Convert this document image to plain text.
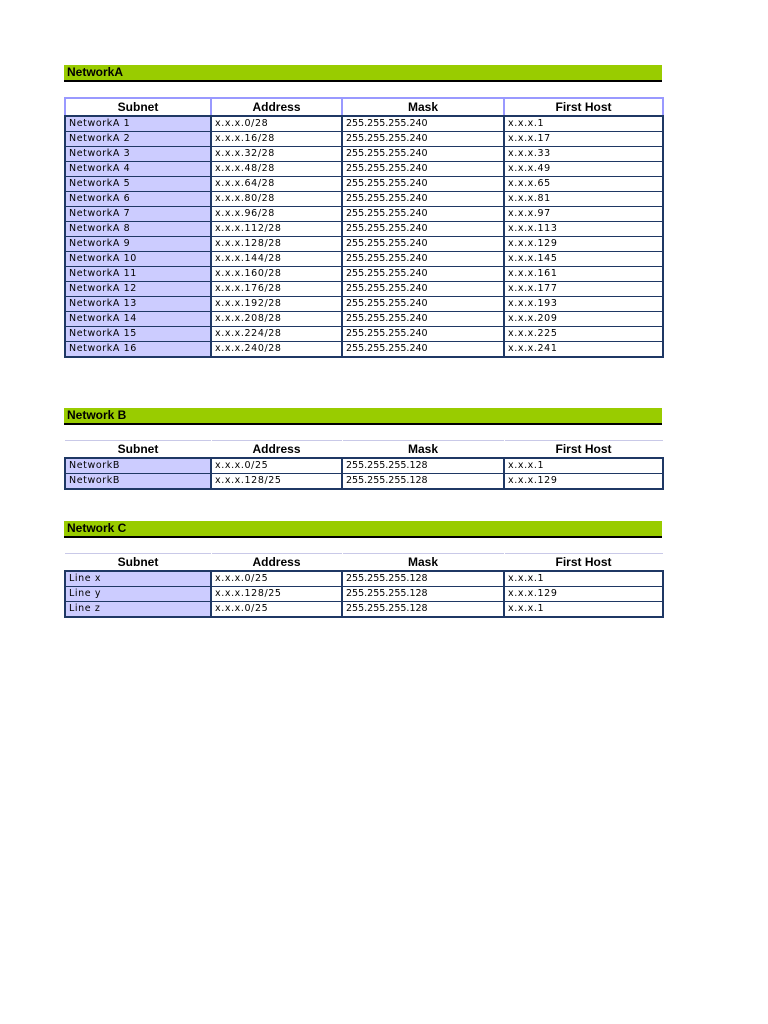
NetworkA
Subnet	Address	Mask	First Host
NetworkA 1	x.x.x.0/28	255.255.255.240	x.x.x.1
NetworkA 2	x.x.x.16/28	255.255.255.240	x.x.x.17
NetworkA 3	x.x.x.32/28	255.255.255.240	x.x.x.33
NetworkA 4	x.x.x.48/28	255.255.255.240	x.x.x.49
NetworkA 5	x.x.x.64/28	255.255.255.240	x.x.x.65
NetworkA 6	x.x.x.80/28	255.255.255.240	x.x.x.81
NetworkA 7	x.x.x.96/28	255.255.255.240	x.x.x.97
NetworkA 8	x.x.x.112/28	255.255.255.240	x.x.x.113
NetworkA 9	x.x.x.128/28	255.255.255.240	x.x.x.129
NetworkA 10	x.x.x.144/28	255.255.255.240	x.x.x.145
NetworkA 11	x.x.x.160/28	255.255.255.240	x.x.x.161
NetworkA 12	x.x.x.176/28	255.255.255.240	x.x.x.177
NetworkA 13	x.x.x.192/28	255.255.255.240	x.x.x.193
NetworkA 14	x.x.x.208/28	255.255.255.240	x.x.x.209
NetworkA 15	x.x.x.224/28	255.255.255.240	x.x.x.225
NetworkA 16	x.x.x.240/28	255.255.255.240	x.x.x.241
Network B
Subnet	Address	Mask	First Host
NetworkB	x.x.x.0/25	255.255.255.128	x.x.x.1
NetworkB	x.x.x.128/25	255.255.255.128	x.x.x.129
Network C
Subnet	Address	Mask	First Host
Line x	x.x.x.0/25	255.255.255.128	x.x.x.1
Line y	x.x.x.128/25	255.255.255.128	x.x.x.129
Line z	x.x.x.0/25	255.255.255.128	x.x.x.1
